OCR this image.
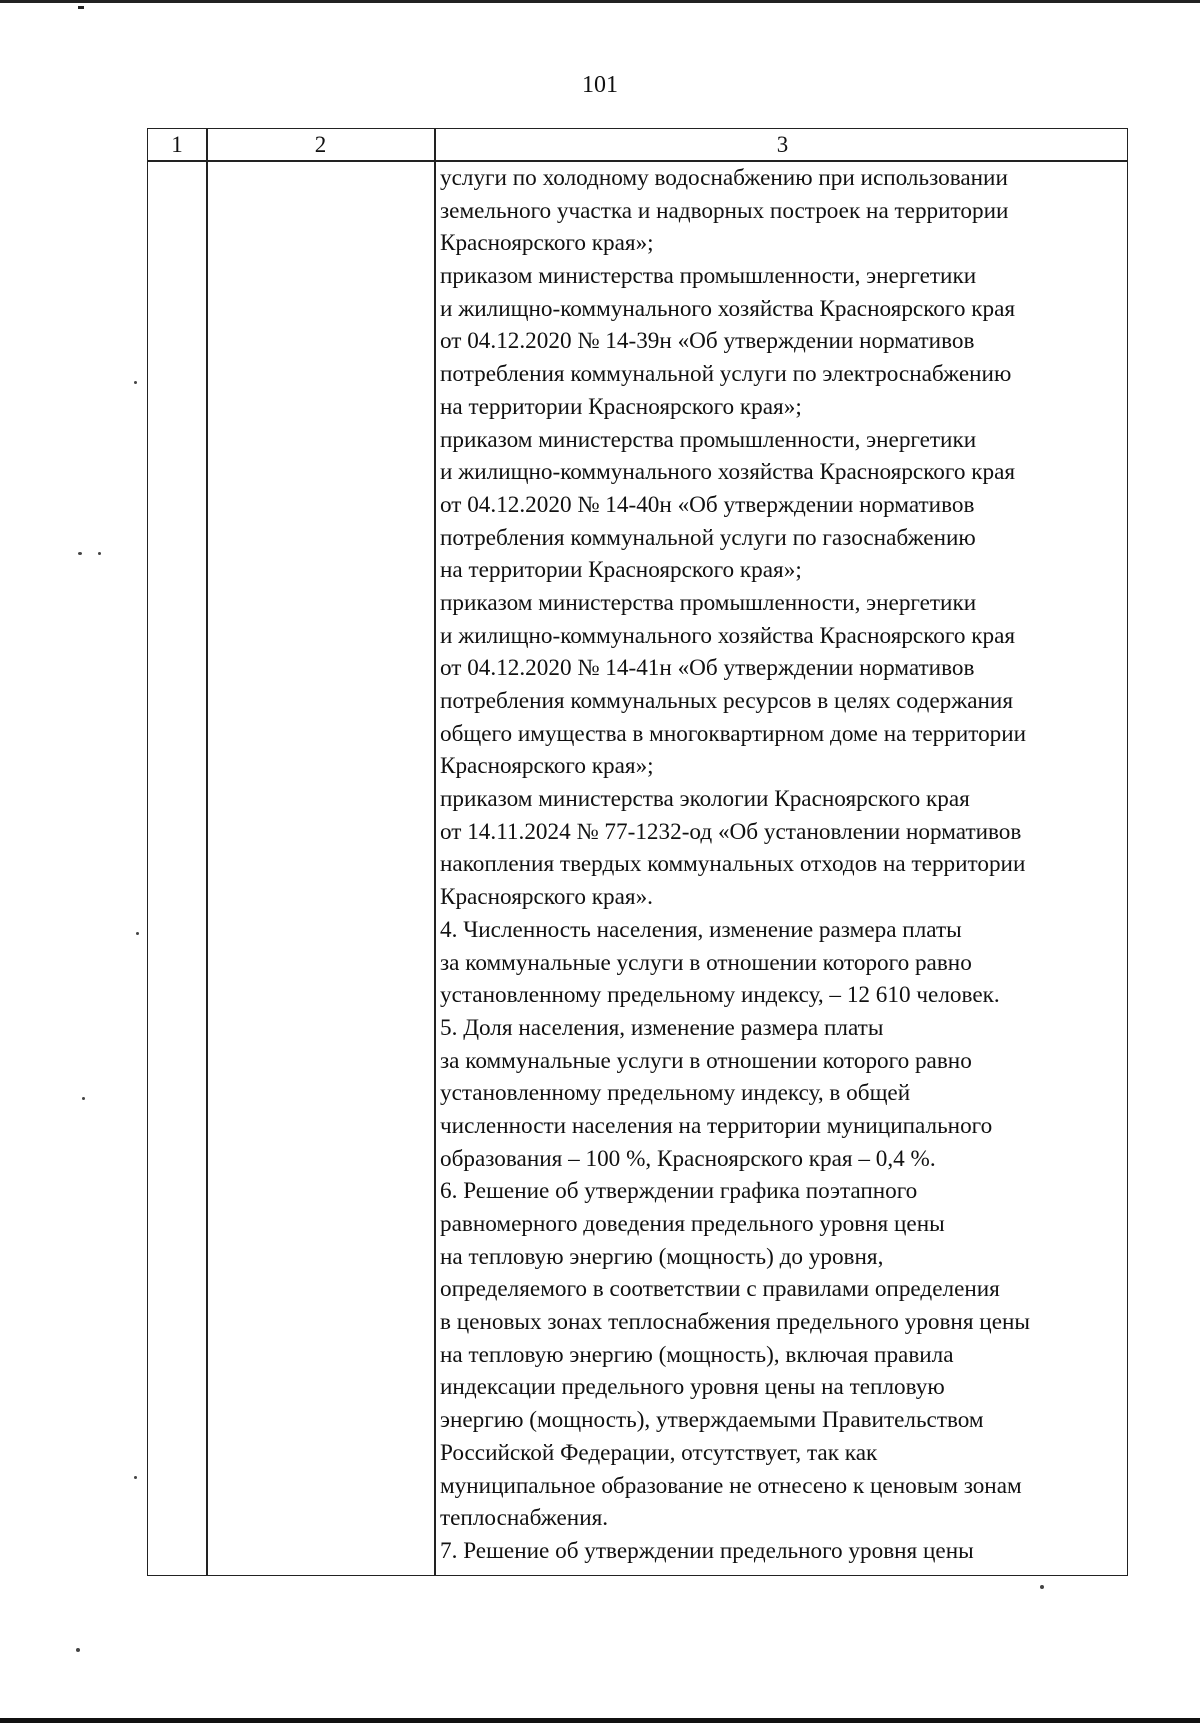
101
1	2	3
услуги по холодному водоснабжению при использовании
земельного участка и надворных построек на территории
Красноярского края»;
приказом министерства промышленности, энергетики
и жилищно-коммунального хозяйства Красноярского края
от 04.12.2020 № 14-39н «Об утверждении нормативов
потребления коммунальной услуги по электроснабжению
на территории Красноярского края»;
приказом министерства промышленности, энергетики
и жилищно-коммунального хозяйства Красноярского края
от 04.12.2020 № 14-40н «Об утверждении нормативов
потребления коммунальной услуги по газоснабжению
на территории Красноярского края»;
приказом министерства промышленности, энергетики
и жилищно-коммунального хозяйства Красноярского края
от 04.12.2020 № 14-41н «Об утверждении нормативов
потребления коммунальных ресурсов в целях содержания
общего имущества в многоквартирном доме на территории
Красноярского края»;
приказом министерства экологии Красноярского края
от 14.11.2024 № 77-1232-од «Об установлении нормативов
накопления твердых коммунальных отходов на территории
Красноярского края».
4. Численность населения, изменение размера платы
за коммунальные услуги в отношении которого равно
установленному предельному индексу, – 12 610 человек.
5. Доля населения, изменение размера платы
за коммунальные услуги в отношении которого равно
установленному предельному индексу, в общей
численности населения на территории муниципального
образования – 100 %, Красноярского края – 0,4 %.
6. Решение об утверждении графика поэтапного
равномерного доведения предельного уровня цены
на тепловую энергию (мощность) до уровня,
определяемого в соответствии с правилами определения
в ценовых зонах теплоснабжения предельного уровня цены
на тепловую энергию (мощность), включая правила
индексации предельного уровня цены на тепловую
энергию (мощность), утверждаемыми Правительством
Российской Федерации, отсутствует, так как
муниципальное образование не отнесено к ценовым зонам
теплоснабжения.
7. Решение об утверждении предельного уровня цены
